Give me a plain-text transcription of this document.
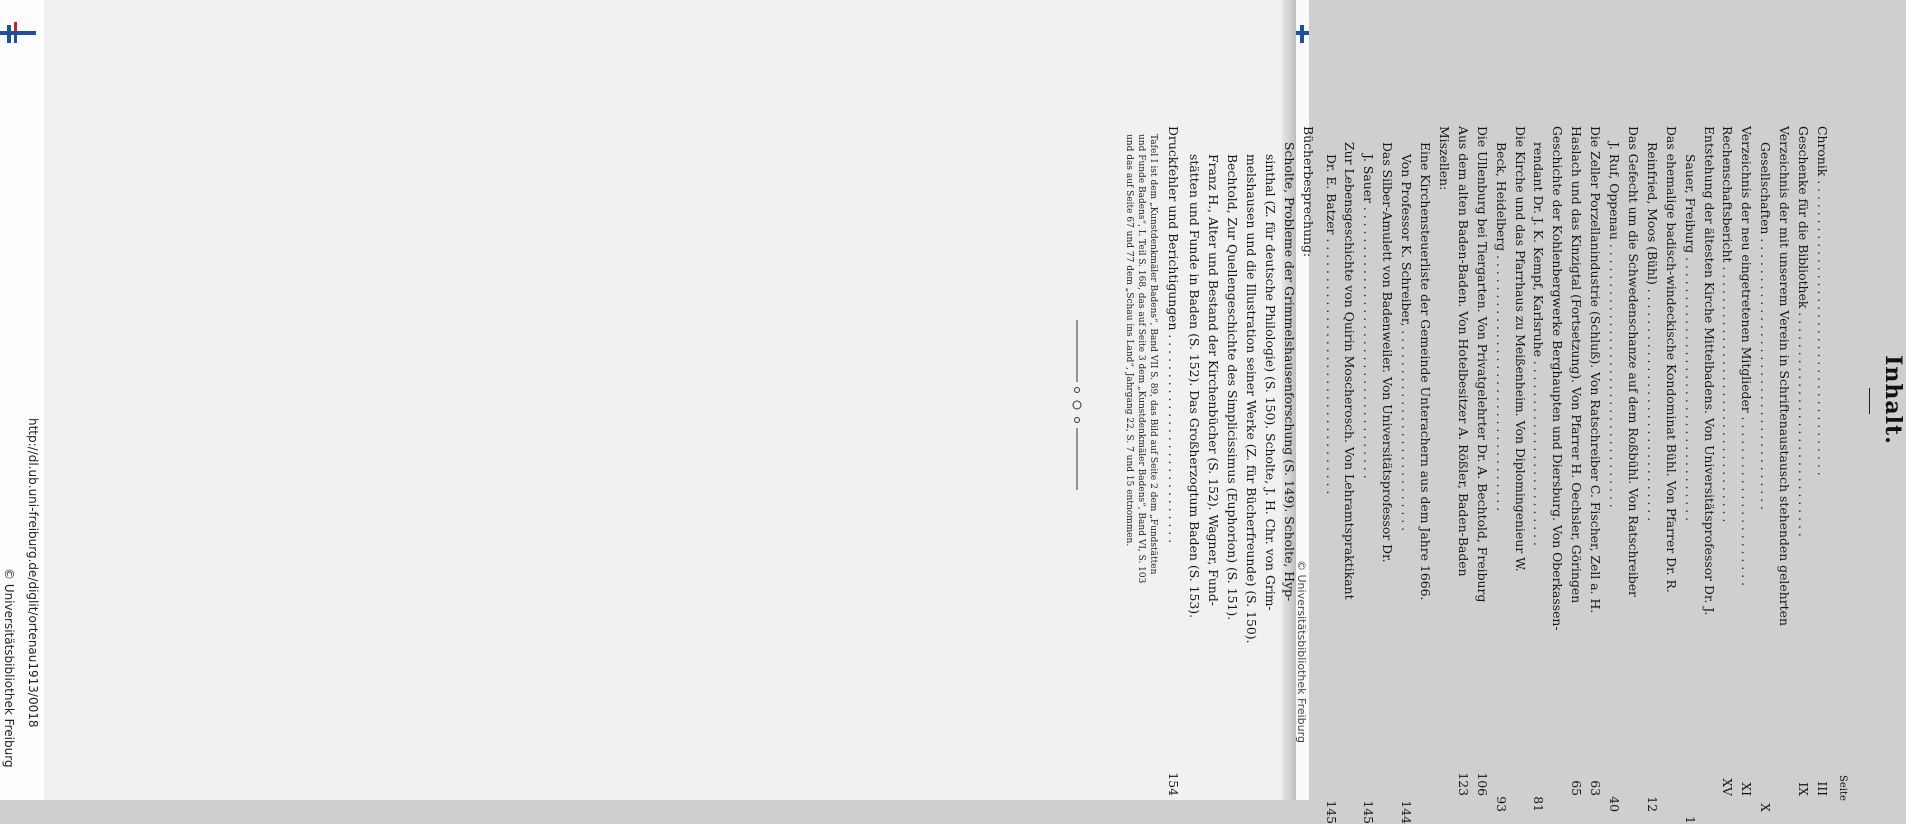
http://dl.ub.uni-freiburg.de/diglit/ortenau1913/0018
© Universitätsbibliothek Freiburg	© Universitätsbibliothek Freiburg
Inhalt.
Seite
Chronik . . . . . . . . . . . . . . . . . . . . . . . . . . . . . . . . . . . . . .
III
Geschenke für die Bibliothek . . . . . . . . . . . . . . . . . . . . . . . . . . . . .
IX
Verzeichnis der mit unserem Verein in Schriftenaustausch stehenden gelehrten
Gesellschaften . . . . . . . . . . . . . . . . . . . . . . . . . . . . . . . . . . .
X
Verzeichnis der neu eingetretenen Mitglieder . . . . . . . . . . . . . . . . . . . . . .
XI
Rechenschaftsbericht . . . . . . . . . . . . . . . . . . . . . . . . . . . . . . . . .
XV
Entstehung der ältesten Kirche Mittelbadens. Von Universitätsprofessor Dr. J.
Sauer, Freiburg . . . . . . . . . . . . . . . . . . . . . . . . . . . . . . . . . .
1
Das ehemalige badisch-windeckische Kondominat Bühl. Von Pfarrer Dr. R.
Reinfried, Moos (Bühl) . . . . . . . . . . . . . . . . . . . . . . . . . . . . . .
12
Das Gefecht um die Schwedenschanze auf dem Roßbühl. Von Ratschreiber
J. Ruf, Oppenau . . . . . . . . . . . . . . . . . . . . . . . . . . . . . . . . . .
40
Die Zeller Porzellanindustrie (Schluß). Von Ratschreiber C. Fischer, Zell a. H.
63
Haslach und das Kinzigtal (Fortsetzung). Von Pfarrer H. Oechsler, Göringen
65
Geschichte der Kohlenbergwerke Berghaupten und Diersburg. Von Oberkassen-
rendant Dr. J. K. Kempf, Karlsruhe . . . . . . . . . . . . . . . . . . . . . . . .
81
Die Kirche und das Pfarrhaus zu Meißenheim. Von Diplomingenieur W.
Beck, Heidelberg . . . . . . . . . . . . . . . . . . . . . . . . . . . . . . . . .
93
Die Ullenburg bei Tiergarten. Von Privatgelehrter Dr. A. Bechtold, Freiburg
106
Aus dem alten Baden-Baden. Von Hotelbesitzer A. Rößler, Baden-Baden
123
Miszellen:
Eine Kirchensteuerliste der Gemeinde Unterachern aus dem Jahre 1666.
Von Professor K. Schreiber, . . . . . . . . . . . . . . . . . . . . . . . . . .
144
Das Silber-Amulett von Badenweiler. Von Universitätsprofessor Dr.
J. Sauer . . . . . . . . . . . . . . . . . . . . . . . . . . . . . . . . . . .
145
Zur Lebensgeschichte von Quirin Moscherosch. Von Lehramtspraktikant
Dr. E. Batzer . . . . . . . . . . . . . . . . . . . . . . . . . . . . . . . . .
145
Bücherbesprechung:
Scholte, Probleme der Grimmelshausenforschung (S. 149). Scholte, Hyp-
sinthal (Z. für deutsche Philologie) (S. 150). Scholte, J. H. Chr. von Grim-
melshausen und die Illustration seiner Werke (Z. für Bücherfreunde) (S. 150).
Bechtold, Zur Quellengeschichte des Simplicissimus (Euphorion) (S. 151).
Franz H., Alter und Bestand der Kirchenbücher (S. 152). Wagner, Fund-
stätten und Funde in Baden (S. 152). Das Großherzogtum Baden (S. 153).
Druckfehler und Berichtigungen . . . . . . . . . . . . . . . . . . . . . . . . . . .
154
Tafel I ist dem „Kunstdenkmäler Badens“, Band VII S. 89, das Bild auf Seite 2 dem „Fundstätten
und Funde Badens“, I. Teil S. 168, das auf Seite 3 dem „Kunstdenkmäler Badens“, Band VI, S. 103
und das auf Seite 67 und 77 dem „Schau ins Land“, Jahrgang 22, S. 7 und 15 entnommen.
